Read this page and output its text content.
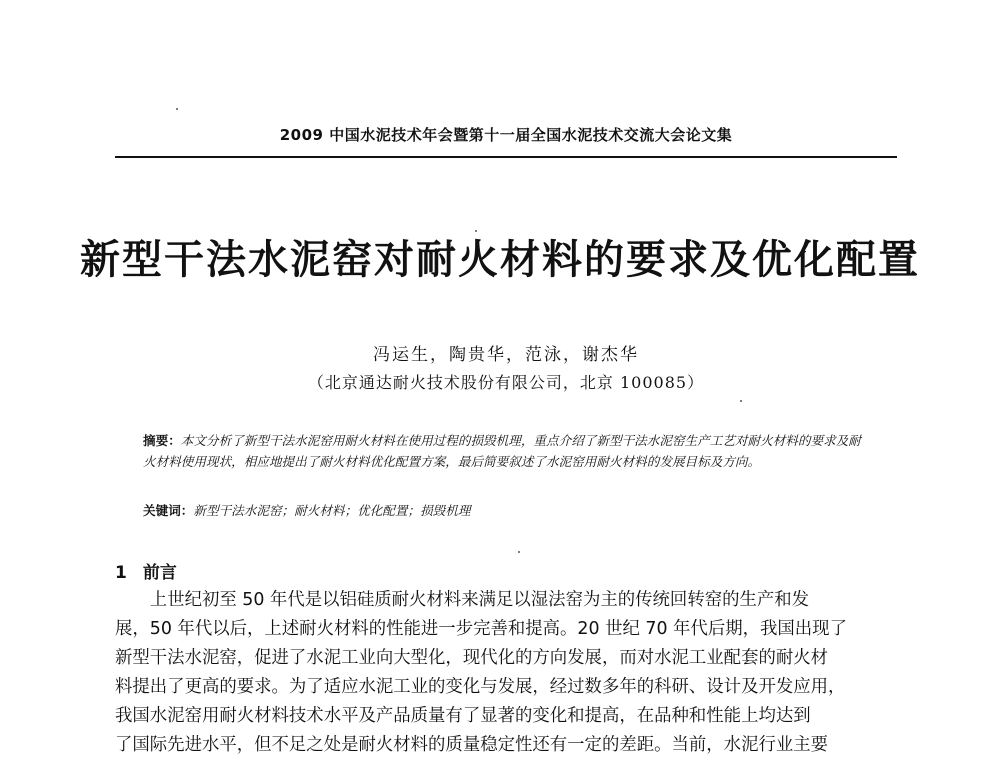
2009 中国水泥技术年会暨第十一届全国水泥技术交流大会论文集
新型干法水泥窑对耐火材料的要求及优化配置
冯运生，陶贵华，范泳，谢杰华
（北京通达耐火技术股份有限公司，北京 100085）
摘要：本文分析了新型干法水泥窑用耐火材料在使用过程的损毁机理，重点介绍了新型干法水泥窑生产工艺对耐火材料的要求及耐火材料使用现状，相应地提出了耐火材料优化配置方案，最后简要叙述了水泥窑用耐火材料的发展目标及方向。
关键词：新型干法水泥窑；耐火材料；优化配置；损毁机理
1 前言
上世纪初至 50 年代是以铝硅质耐火材料来满足以湿法窑为主的传统回转窑的生产和发
展，50 年代以后，上述耐火材料的性能进一步完善和提高。20 世纪 70 年代后期，我国出现了
新型干法水泥窑，促进了水泥工业向大型化，现代化的方向发展，而对水泥工业配套的耐火材
料提出了更高的要求。为了适应水泥工业的变化与发展，经过数多年的科研、设计及开发应用，
我国水泥窑用耐火材料技术水平及产品质量有了显著的变化和提高，在品种和性能上均达到
了国际先进水平，但不足之处是耐火材料的质量稳定性还有一定的差距。当前，水泥行业主要
